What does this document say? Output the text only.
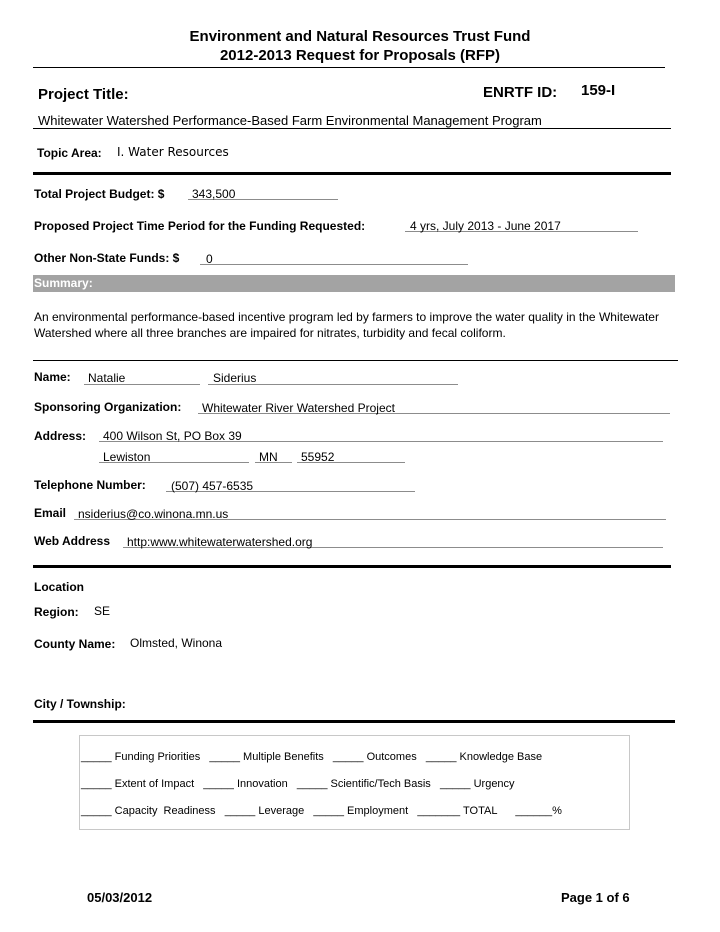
Environment and Natural Resources Trust Fund
2012-2013 Request for Proposals (RFP)
Project Title:	ENRTF ID: 159-I
Whitewater Watershed Performance-Based Farm Environmental Management Program
Topic Area: I. Water Resources
Total Project Budget: $ 343,500
Proposed Project Time Period for the Funding Requested:	4 yrs, July 2013 - June 2017
Other Non-State Funds: $ 0
Summary:
An environmental performance-based incentive program led by farmers to improve the water quality in the Whitewater Watershed where all three branches are impaired for nitrates, turbidity and fecal coliform.
Name: Natalie	Siderius
Sponsoring Organization: Whitewater River Watershed Project
Address: 400 Wilson St, PO Box 39
Lewiston	MN 55952
Telephone Number: (507) 457-6535
Email nsiderius@co.winona.mn.us
Web Address http:www.whitewaterwatershed.org
Location
Region: SE
County Name: Olmsted, Winona
City / Township:
_____ Funding Priorities   _____ Multiple Benefits   _____ Outcomes   _____ Knowledge Base
_____ Extent of Impact   _____ Innovation   _____ Scientific/Tech Basis   _____ Urgency
_____ Capacity  Readiness   _____ Leverage   _____ Employment   _______ TOTAL      ______%
05/03/2012	Page 1 of 6
